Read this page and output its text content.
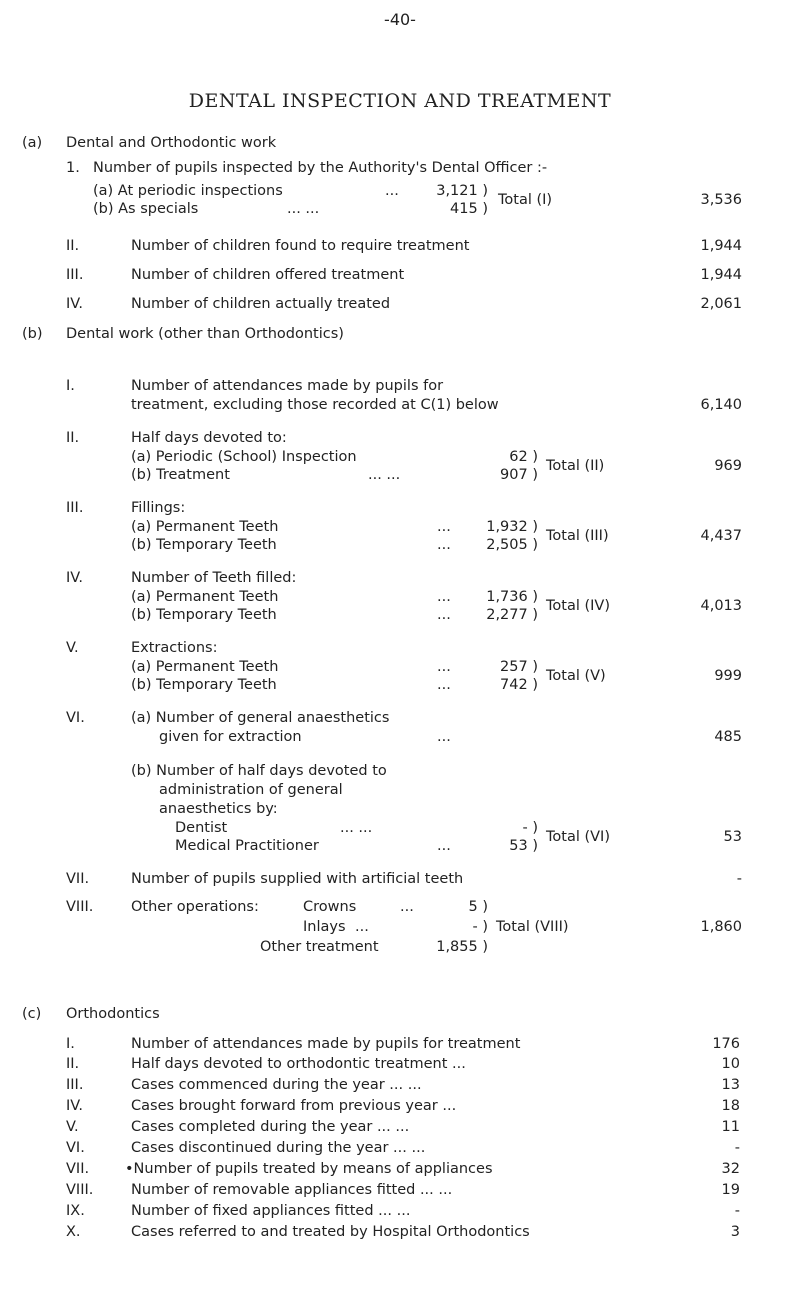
-40-
DENTAL INSPECTION AND TREATMENT
(a) Dental and Orthodontic work
1. Number of pupils inspected by the Authority's Dental Officer :-
(a) At periodic inspections	...	3,121 )
(b) As specials	... ...	415 )
Total (I)	3,536
II.	Number of children found to require treatment	1,944
III.	Number of children offered treatment	1,944
IV.	Number of children actually treated	2,061
(b) Dental work (other than Orthodontics)
I.	Number of attendances made by pupils for
treatment, excluding those recorded at C(1) below	6,140
II.	Half days devoted to:
(a) Periodic (School) Inspection	62 )
(b) Treatment	... ...	907 )
Total (II)	969
III.	Fillings:
(a) Permanent Teeth	...	1,932 )
(b) Temporary Teeth	...	2,505 )
Total (III)	4,437
IV.	Number of Teeth filled:
(a) Permanent Teeth	...	1,736 )
(b) Temporary Teeth	...	2,277 )
Total (IV)	4,013
V.	Extractions:
(a) Permanent Teeth	...	257 )
(b) Temporary Teeth	...	742 )
Total (V)	999
VI.	(a) Number of general anaesthetics
given for extraction	...	485
(b) Number of half days devoted to
administration of general
anaesthetics by:
Dentist	... ...	- )
Medical Practitioner	...	53 )
Total (VI)	53
VII.	Number of pupils supplied with artificial teeth	-
VIII.	Other operations:	Crowns	...	5 )
Inlays ...	- ) Total (VIII)	1,860
Other treatment	1,855 )
(c) Orthodontics
I.	Number of attendances made by pupils for treatment	176
II.	Half days devoted to orthodontic treatment ...	10
III.	Cases commenced during the year ... ...	13
IV.	Cases brought forward from previous year ...	18
V.	Cases completed during the year ... ...	11
VI.	Cases discontinued during the year ... ...	-
VII. •Number of pupils treated by means of appliances	32
VIII.	Number of removable appliances fitted ... ...	19
IX.	Number of fixed appliances fitted ... ...	-
X.	Cases referred to and treated by Hospital Orthodontics	3
